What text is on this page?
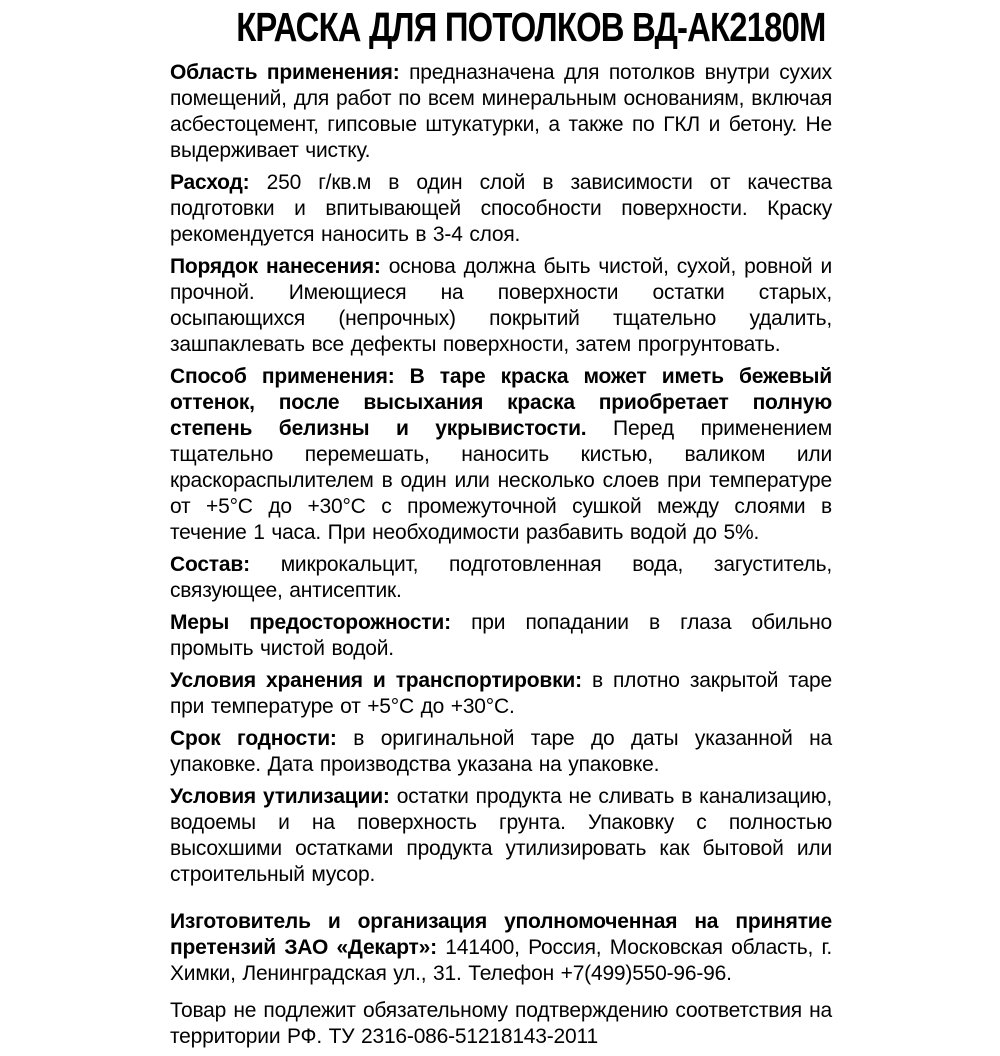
КРАСКА ДЛЯ ПОТОЛКОВ ВД-АК2180М

Область применения: предназначена для потолков внутри сухих помещений, для работ по всем минеральным основаниям, включая асбестоцемент, гипсовые штукатурки, а также по ГКЛ и бетону. Не выдерживает чистку.

Расход: 250 г/кв.м в один слой в зависимости от качества подготовки и впитывающей способности поверхности. Краску рекомендуется наносить в 3-4 слоя.

Порядок нанесения: основа должна быть чистой, сухой, ровной и прочной. Имеющиеся на поверхности остатки старых, осыпающихся (непрочных) покрытий тщательно удалить, зашпаклевать все дефекты поверхности, затем прогрунтовать.

Способ применения: В таре краска может иметь бежевый оттенок, после высыхания краска приобретает полную степень белизны и укрывистости. Перед применением тщательно перемешать, наносить кистью, валиком или краскораспылителем в один или несколько слоев при температуре от +5°С до +30°С с промежуточной сушкой между слоями в течение 1 часа. При необходимости разбавить водой до 5%.

Состав: микрокальцит, подготовленная вода, загуститель, связующее, антисептик.

Меры предосторожности: при попадании в глаза обильно промыть чистой водой.

Условия хранения и транспортировки: в плотно закрытой таре при температуре от +5°С до +30°С.

Срок годности: в оригинальной таре до даты указанной на упаковке. Дата производства указана на упаковке.

Условия утилизации: остатки продукта не сливать в канализацию, водоемы и на поверхность грунта. Упаковку с полностью высохшими остатками продукта утилизировать как бытовой или строительный мусор.

Изготовитель и организация уполномоченная на принятие претензий ЗАО «Декарт»: 141400, Россия, Московская область, г. Химки, Ленинградская ул., 31. Телефон +7(499)550-96-96.

Товар не подлежит обязательному подтверждению соответствия на территории РФ. ТУ 2316-086-51218143-2011
